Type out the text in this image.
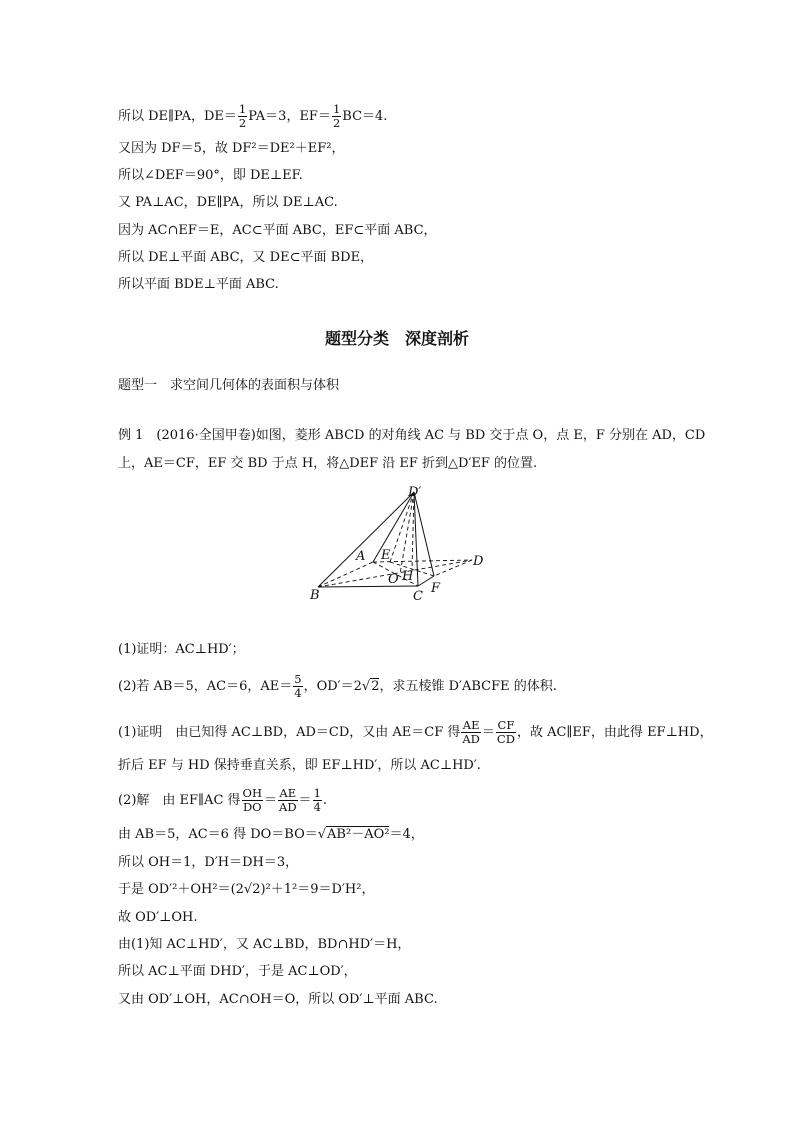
所以 DE∥PA，$DE= \frac{1}{2} PA=3$，$EF= \frac{1}{2} BC=4$.
又因为 DF＝5，故 DF²＝DE²＋EF²，
所以∠DEF＝90°，即 DE⊥EF.
又 PA⊥AC，DE∥PA，所以 DE⊥AC.
因为 AC∩EF＝E，AC⊂平面 ABC，EF⊂平面 ABC，
所以 DE⊥平面 ABC，又 DE⊂平面 BDE，
所以平面 BDE⊥平面 ABC.
题型分类　深度剖析
题型一　求空间几何体的表面积与体积
例 1　(2016·全国甲卷)如图，菱形 ABCD 的对角线 AC 与 BD 交于点 O，点 E，F 分别在 AD，CD
上，AE＝CF，EF 交 BD 于点 H，将△DEF 沿 EF 折到△D′EF 的位置.
D′
A E	D
O H
B	C
F
(1)证明：AC⊥HD′；
(2)若 AB＝5，AC＝6，$AE= \frac{5}{4}$ ，OD′＝2√2，求五棱锥 D′ABCFE 的体积.
(1)证明　由已知得 AC⊥BD，AD＝CD，又由 AE＝CF 得 $\frac{AE}{AD} = \frac{CF}{CD}$ ，故 AC∥EF，由此得 EF⊥HD，
折后 EF 与 HD 保持垂直关系，即 EF⊥HD′，所以 AC⊥HD′.
(2)解　由 EF∥AC 得 $\frac{OH}{DO} = \frac{AE}{AD} = \frac{1}{4}$ .
由 AB＝5，AC＝6 得 DO＝BO＝√AB²－AO²＝4，
所以 OH＝1，D′H＝DH＝3，
于是 OD′²＋OH²＝(2√2)²＋1²＝9＝D′H²，
故 OD′⊥OH.
由(1)知 AC⊥HD′，又 AC⊥BD，BD∩HD′＝H，
所以 AC⊥平面 DHD′，于是 AC⊥OD′，
又由 OD′⊥OH，AC∩OH＝O，所以 OD′⊥平面 ABC.
